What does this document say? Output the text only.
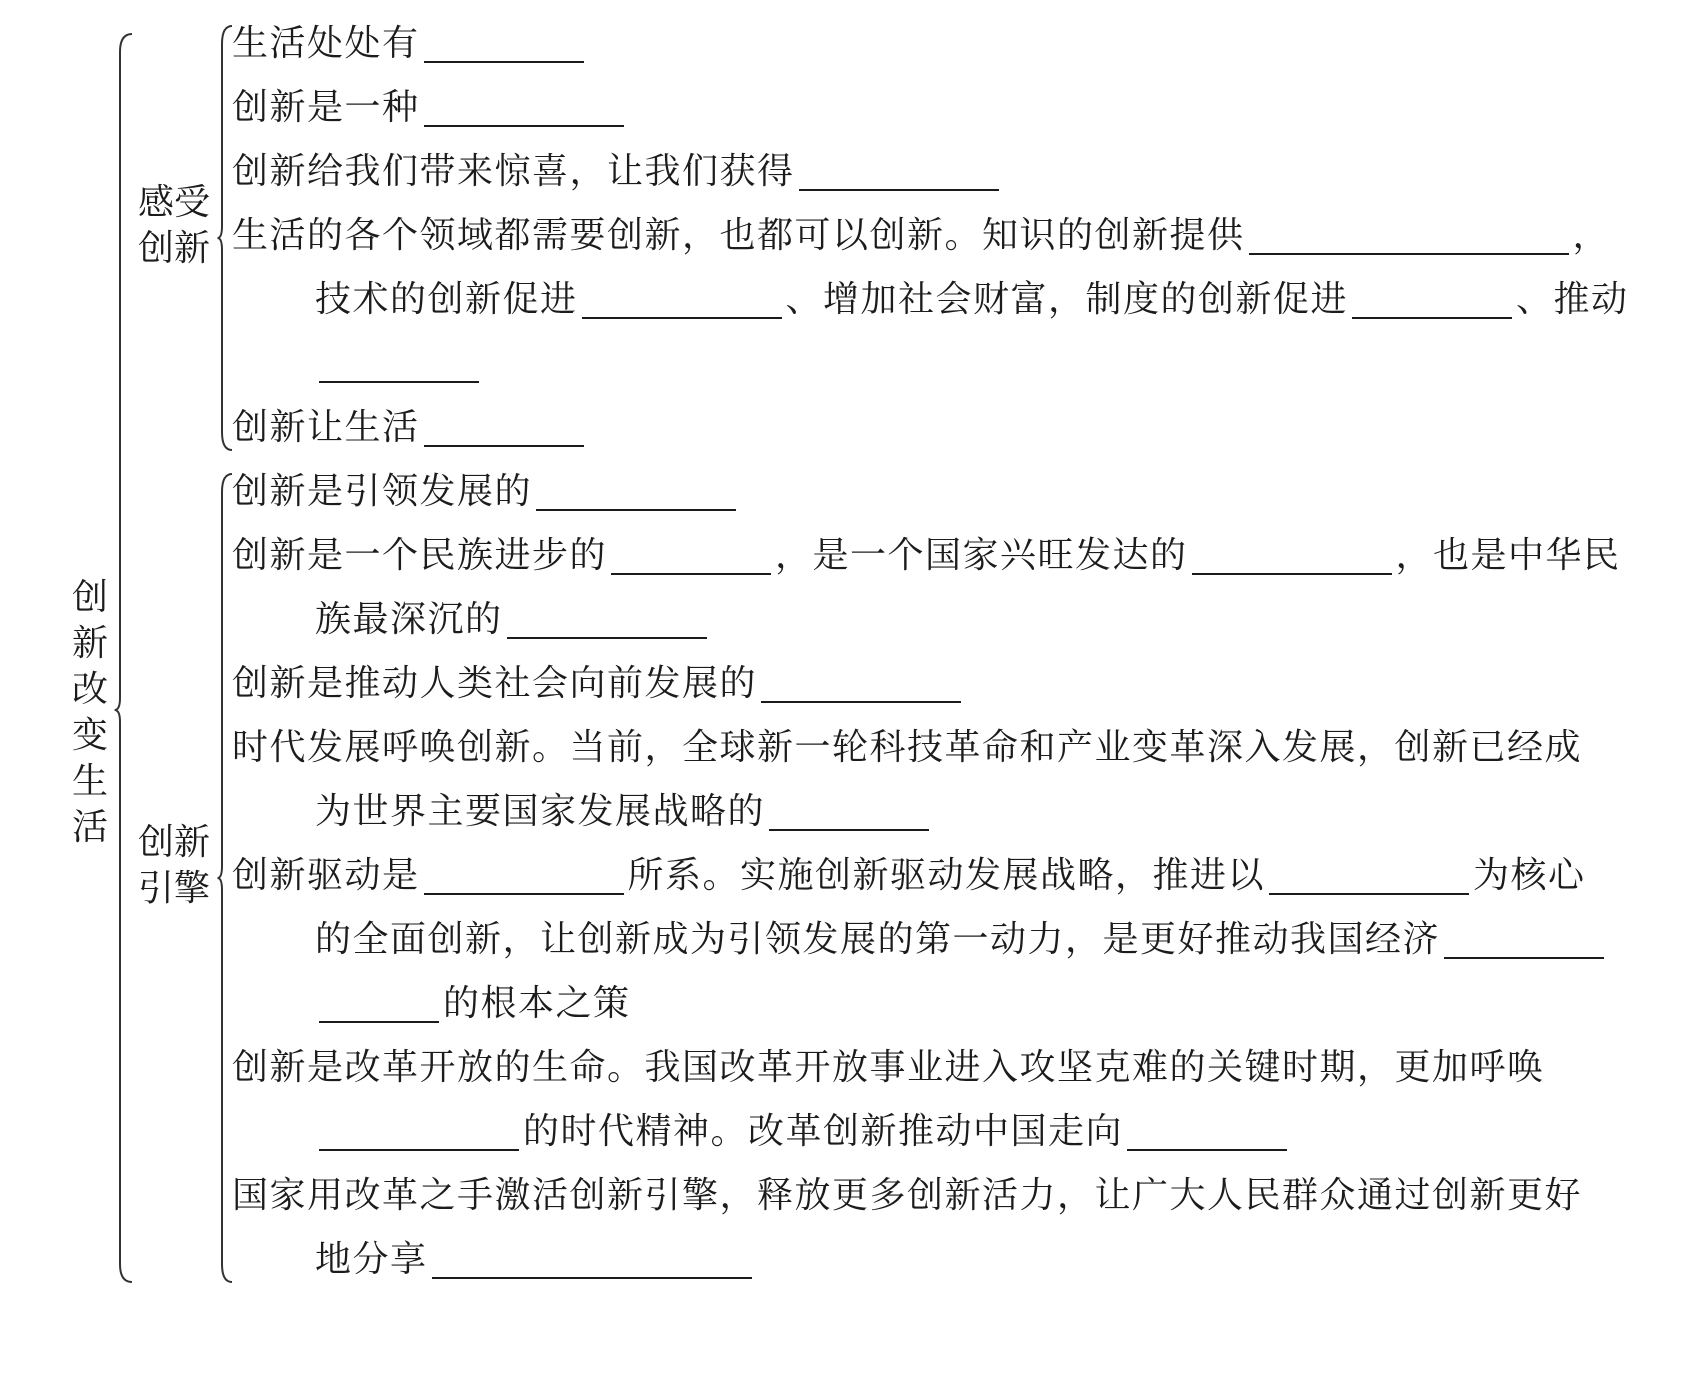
创
新
改
变
生
活
生活处处有
创新是一种
创新给我们带来惊喜，让我们获得
生活的各个领域都需要创新，也都可以创新。知识的创新提供	，
技术的创新促进	、增加社会财富，制度的创新促进	、推动
创新让生活
感受
创新
创新是引领发展的
创新是一个民族进步的	，是一个国家兴旺发达的	，也是中华民
族最深沉的
创新是推动人类社会向前发展的
时代发展呼唤创新。当前，全球新一轮科技革命和产业变革深入发展，创新已经成
为世界主要国家发展战略的
创新驱动是	所系。实施创新驱动发展战略，推进以	为核心
的全面创新，让创新成为引领发展的第一动力，是更好推动我国经济
的根本之策
创新是改革开放的生命。我国改革开放事业进入攻坚克难的关键时期，更加呼唤
的时代精神。改革创新推动中国走向
国家用改革之手激活创新引擎，释放更多创新活力，让广大人民群众通过创新更好
地分享
创新
引擎
